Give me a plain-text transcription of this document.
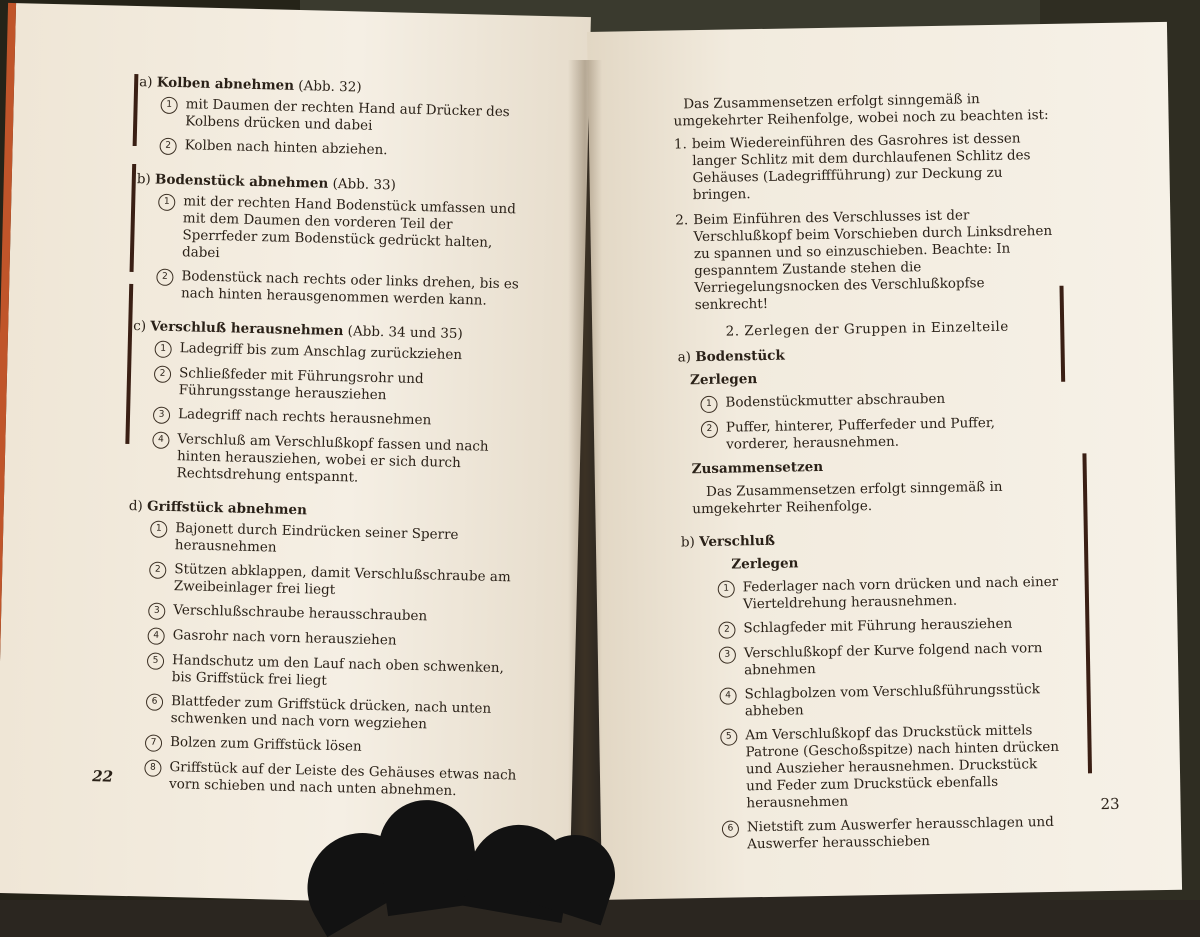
a) Kolben abnehmen (Abb. 32)
1 mit Daumen der rechten Hand auf Drücker des Kolbens drücken und dabei
2 Kolben nach hinten abziehen.
b) Bodenstück abnehmen (Abb. 33)
1 mit der rechten Hand Bodenstück umfassen und mit dem Daumen den vorderen Teil der Sperrfeder zum Bodenstück gedrückt halten, dabei
2 Bodenstück nach rechts oder links drehen, bis es nach hinten herausgenommen werden kann.
c) Verschluß herausnehmen (Abb. 34 und 35)
1 Ladegriff bis zum Anschlag zurückziehen
2 Schließfeder mit Führungsrohr und Führungsstange herausziehen
3 Ladegriff nach rechts herausnehmen
4 Verschluß am Verschlußkopf fassen und nach hinten herausziehen, wobei er sich durch Rechtsdrehung entspannt.
d) Griffstück abnehmen
1 Bajonett durch Eindrücken seiner Sperre herausnehmen
2 Stützen abklappen, damit Verschlußschraube am Zweibeinlager frei liegt
3 Verschlußschraube herausschrauben
4 Gasrohr nach vorn herausziehen
5 Handschutz um den Lauf nach oben schwenken, bis Griffstück frei liegt
6 Blattfeder zum Griffstück drücken, nach unten schwenken und nach vorn wegziehen
7 Bolzen zum Griffstück lösen
8 Griffstück auf der Leiste des Gehäuses etwas nach vorn schieben und nach unten abnehmen.
22
Das Zusammensetzen erfolgt sinngemäß in umgekehrter Reihenfolge, wobei noch zu beachten ist:
1. beim Wiedereinführen des Gasrohres ist dessen langer Schlitz mit dem durchlaufenen Schlitz des Gehäuses (Ladegriffführung) zur Deckung zu bringen.
2. Beim Einführen des Verschlusses ist der Verschlußkopf beim Vorschieben durch Linksdrehen zu spannen und so einzuschieben. Beachte: In gespanntem Zustande stehen die Verriegelungsnocken des Verschlußkopfse senkrecht!
2. Zerlegen der Gruppen in Einzelteile
a) Bodenstück
Zerlegen
1 Bodenstückmutter abschrauben
2 Puffer, hinterer, Pufferfeder und Puffer, vorderer, herausnehmen.
Zusammensetzen
Das Zusammensetzen erfolgt sinngemäß in umgekehrter Reihenfolge.
b) Verschluß
Zerlegen
1 Federlager nach vorn drücken und nach einer Vierteldrehung herausnehmen.
2 Schlagfeder mit Führung herausziehen
3 Verschlußkopf der Kurve folgend nach vorn abnehmen
4 Schlagbolzen vom Verschlußführungsstück abheben
5 Am Verschlußkopf das Druckstück mittels Patrone (Geschoßspitze) nach hinten drücken und Auszieher herausnehmen. Druckstück und Feder zum Druckstück ebenfalls herausnehmen
6 Nietstift zum Auswerfer herausschlagen und Auswerfer herausschieben
23
